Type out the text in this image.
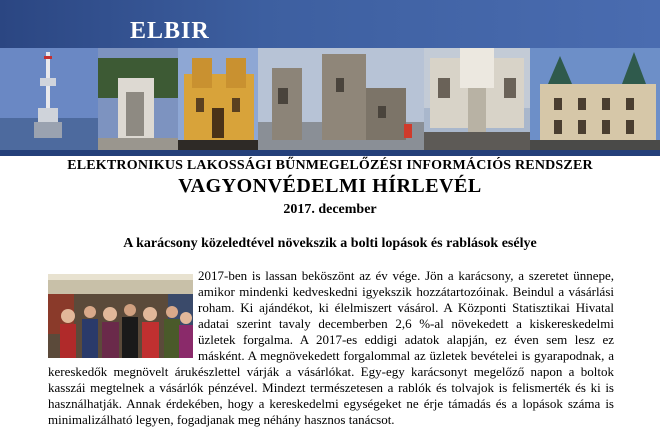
ELBIR
ELEKTRONIKUS LAKOSSÁGI BŰNMEGELŐZÉSI INFORMÁCIÓS RENDSZER
VAGYONVÉDELMI HÍRLEVÉL
2017. december
A karácsony közeledtével növekszik a bolti lopások és rablások esélye
2017-ben is lassan beköszönt az év vége. Jön a karácsony, a szeretet ünnepe, amikor mindenki kedveskedni igyekszik hozzátartozóinak. Beindul a vásárlási roham. Ki ajándékot, ki élelmiszert vásárol. A Központi Statisztikai Hivatal adatai szerint tavaly decemberben 2,6 %-al növekedett a kiskereskedelmi üzletek forgalma. A 2017-es eddigi adatok alapján, ez éven sem lesz ez másként. A megnövekedett forgalommal az üzletek bevételei is gyarapodnak, a kereskedők megnövelt árukészlettel várják a vásárlókat. Egy-egy karácsonyt megelőző napon a boltok kasszái megtelnek a vásárlók pénzével. Mindezt természetesen a rablók és tolvajok is felismerték és ki is használhatják. Annak érdekében, hogy a kereskedelmi egységeket ne érje támadás és a lopások száma is minimalizálható legyen, fogadjanak meg néhány hasznos tanácsot.
